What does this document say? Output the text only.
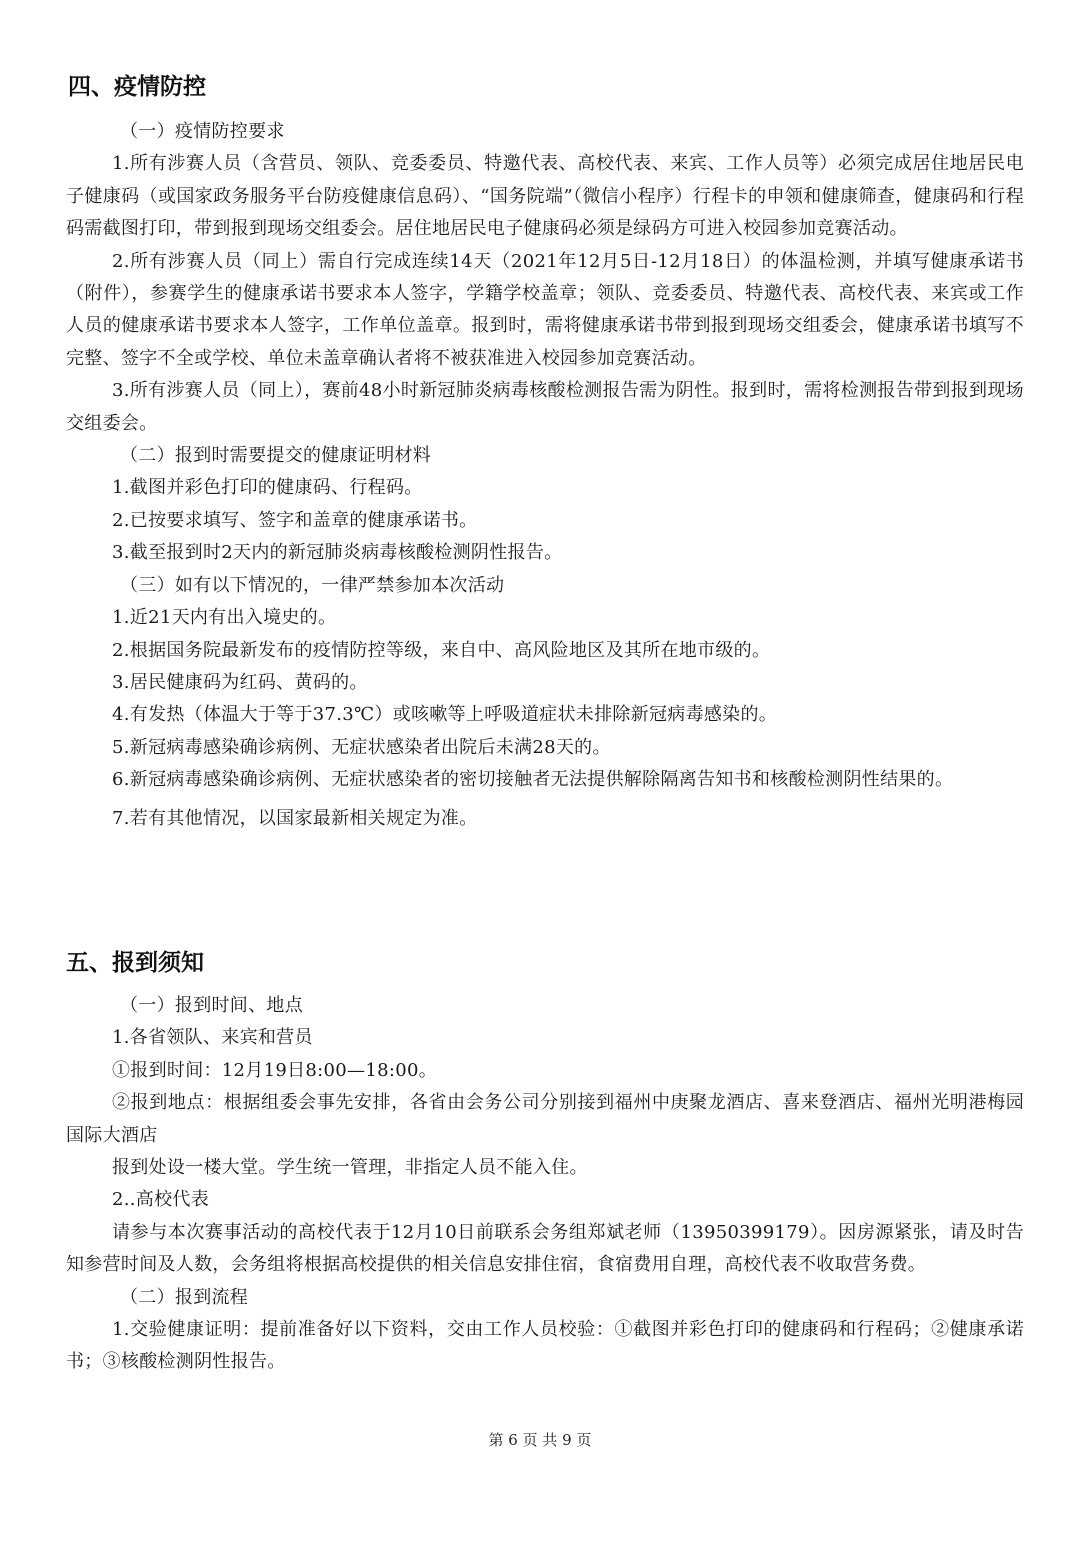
四、疫情防控

（一）疫情防控要求

1.所有涉赛人员（含营员、领队、竞委委员、特邀代表、高校代表、来宾、工作人员等）必须完成居住地居民电子健康码（或国家政务服务平台防疫健康信息码）、“国务院端”（微信小程序）行程卡的申领和健康筛查，健康码和行程码需截图打印，带到报到现场交组委会。居住地居民电子健康码必须是绿码方可进入校园参加竞赛活动。

2.所有涉赛人员（同上）需自行完成连续14天（2021年12月5日-12月18日）的体温检测，并填写健康承诺书（附件），参赛学生的健康承诺书要求本人签字，学籍学校盖章；领队、竞委委员、特邀代表、高校代表、来宾或工作人员的健康承诺书要求本人签字，工作单位盖章。报到时，需将健康承诺书带到报到现场交组委会，健康承诺书填写不完整、签字不全或学校、单位未盖章确认者将不被获准进入校园参加竞赛活动。

3.所有涉赛人员（同上），赛前48小时新冠肺炎病毒核酸检测报告需为阴性。报到时，需将检测报告带到报到现场交组委会。

（二）报到时需要提交的健康证明材料

1.截图并彩色打印的健康码、行程码。

2.已按要求填写、签字和盖章的健康承诺书。

3.截至报到时2天内的新冠肺炎病毒核酸检测阴性报告。

（三）如有以下情况的，一律严禁参加本次活动

1.近21天内有出入境史的。

2.根据国务院最新发布的疫情防控等级，来自中、高风险地区及其所在地市级的。

3.居民健康码为红码、黄码的。

4.有发热（体温大于等于37.3℃）或咳嗽等上呼吸道症状未排除新冠病毒感染的。

5.新冠病毒感染确诊病例、无症状感染者出院后未满28天的。

6.新冠病毒感染确诊病例、无症状感染者的密切接触者无法提供解除隔离告知书和核酸检测阴性结果的。

7.若有其他情况，以国家最新相关规定为准。

五、报到须知

（一）报到时间、地点

1.各省领队、来宾和营员

①报到时间：12月19日8:00—18:00。

②报到地点：根据组委会事先安排，各省由会务公司分别接到福州中庚聚龙酒店、喜来登酒店、福州光明港梅园国际大酒店

报到处设一楼大堂。学生统一管理，非指定人员不能入住。

2..高校代表

请参与本次赛事活动的高校代表于12月10日前联系会务组郑斌老师（13950399179）。因房源紧张，请及时告知参营时间及人数，会务组将根据高校提供的相关信息安排住宿，食宿费用自理，高校代表不收取营务费。

（二）报到流程

1.交验健康证明：提前准备好以下资料，交由工作人员校验：①截图并彩色打印的健康码和行程码；②健康承诺书；③核酸检测阴性报告。

第 6 页 共 9 页
